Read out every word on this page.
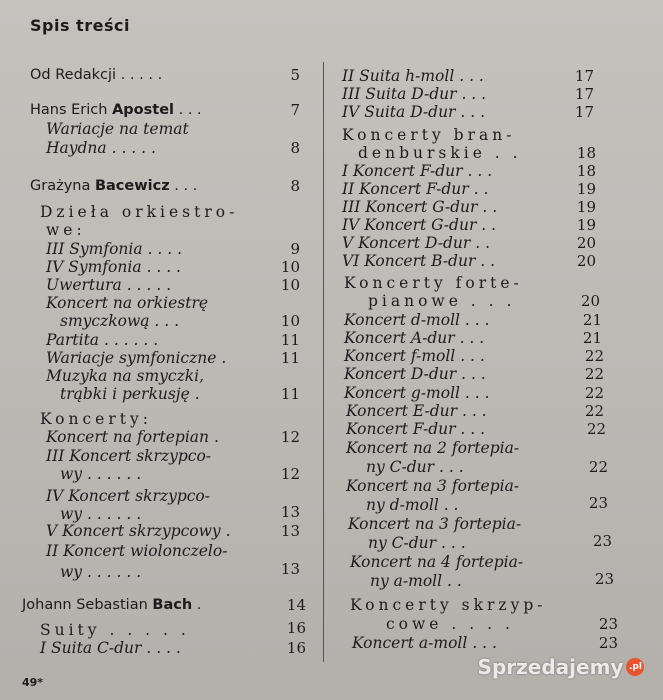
Spis treści
Od Redakcji . . . . .	5
Hans Erich Apostel . . .	7
Wariacje na temat
Haydna . . . . .	8
Grażyna Bacewicz . . .	8
Dzieła orkiestro-
we:
III Symfonia . . . .	9
IV Symfonia . . . .	10
Uwertura . . . . .	10
Koncert na orkiestrę
smyczkową . . .	10
Partita . . . . . .	11
Wariacje symfoniczne .	11
Muzyka na smyczki,
trąbki i perkusję .	11
Koncerty:
Koncert na fortepian .	12
III Koncert skrzypco-
wy . . . . . .	12
IV Koncert skrzypco-
wy . . . . . .	13
V Koncert skrzypcowy .	13
II Koncert wiolonczelo-
wy . . . . . .	13
Johann Sebastian Bach .	14
Suity . . . . .	16
I Suita C-dur . . . .	16
II Suita h-moll . . .	17
III Suita D-dur . . .	17
IV Suita D-dur . . .	17
Koncerty bran-
denburskie . .	18
I Koncert F-dur . . .	18
II Koncert F-dur . .	19
III Koncert G-dur . .	19
IV Koncert G-dur . .	19
V Koncert D-dur . .	20
VI Koncert B-dur . .	20
Koncerty forte-
pianowe . . .	20
Koncert d-moll . . .	21
Koncert A-dur . . .	21
Koncert f-moll . . .	22
Koncert D-dur . . .	22
Koncert g-moll . . .	22
Koncert E-dur . . .	22
Koncert F-dur . . .	22
Koncert na 2 fortepia-
ny C-dur . . .	22
Koncert na 3 fortepia-
ny d-moll . .	23
Koncert na 3 fortepia-
ny C-dur . . .	23
Koncert na 4 fortepia-
ny a-moll . .	23
Koncerty skrzyp-
cowe . . . .	23
Koncert a-moll . . .	23
49*
Sprzedajemy .pl
